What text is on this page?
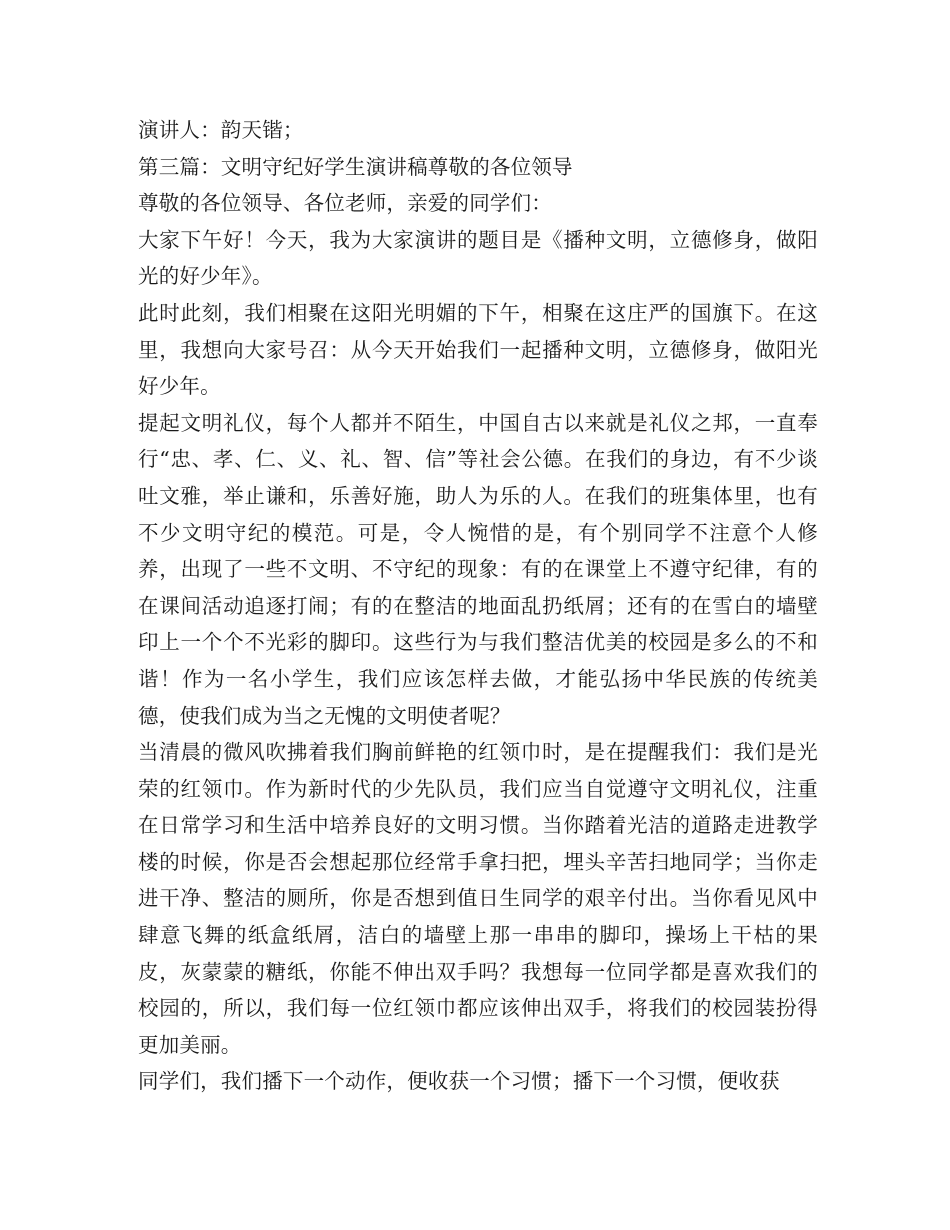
演讲人：韵天锴；

第三篇：文明守纪好学生演讲稿尊敬的各位领导

尊敬的各位领导、各位老师，亲爱的同学们：

大家下午好！今天，我为大家演讲的题目是《播种文明，立德修身，做阳光的好少年》。

此时此刻，我们相聚在这阳光明媚的下午，相聚在这庄严的国旗下。在这里，我想向大家号召：从今天开始我们一起播种文明，立德修身，做阳光好少年。

提起文明礼仪，每个人都并不陌生，中国自古以来就是礼仪之邦，一直奉行“忠、孝、仁、义、礼、智、信”等社会公德。在我们的身边，有不少谈吐文雅，举止谦和，乐善好施，助人为乐的人。在我们的班集体里，也有不少文明守纪的模范。可是，令人惋惜的是，有个别同学不注意个人修养，出现了一些不文明、不守纪的现象：有的在课堂上不遵守纪律，有的在课间活动追逐打闹；有的在整洁的地面乱扔纸屑；还有的在雪白的墙壁印上一个个不光彩的脚印。这些行为与我们整洁优美的校园是多么的不和谐！作为一名小学生，我们应该怎样去做，才能弘扬中华民族的传统美德，使我们成为当之无愧的文明使者呢？

当清晨的微风吹拂着我们胸前鲜艳的红领巾时，是在提醒我们：我们是光荣的红领巾。作为新时代的少先队员，我们应当自觉遵守文明礼仪，注重在日常学习和生活中培养良好的文明习惯。当你踏着光洁的道路走进教学楼的时候，你是否会想起那位经常手拿扫把，埋头辛苦扫地同学；当你走进干净、整洁的厕所，你是否想到值日生同学的艰辛付出。当你看见风中肆意飞舞的纸盒纸屑，洁白的墙壁上那一串串的脚印，操场上干枯的果皮，灰蒙蒙的糖纸，你能不伸出双手吗？我想每一位同学都是喜欢我们的校园的，所以，我们每一位红领巾都应该伸出双手，将我们的校园装扮得更加美丽。

同学们，我们播下一个动作，便收获一个习惯；播下一个习惯，便收获
